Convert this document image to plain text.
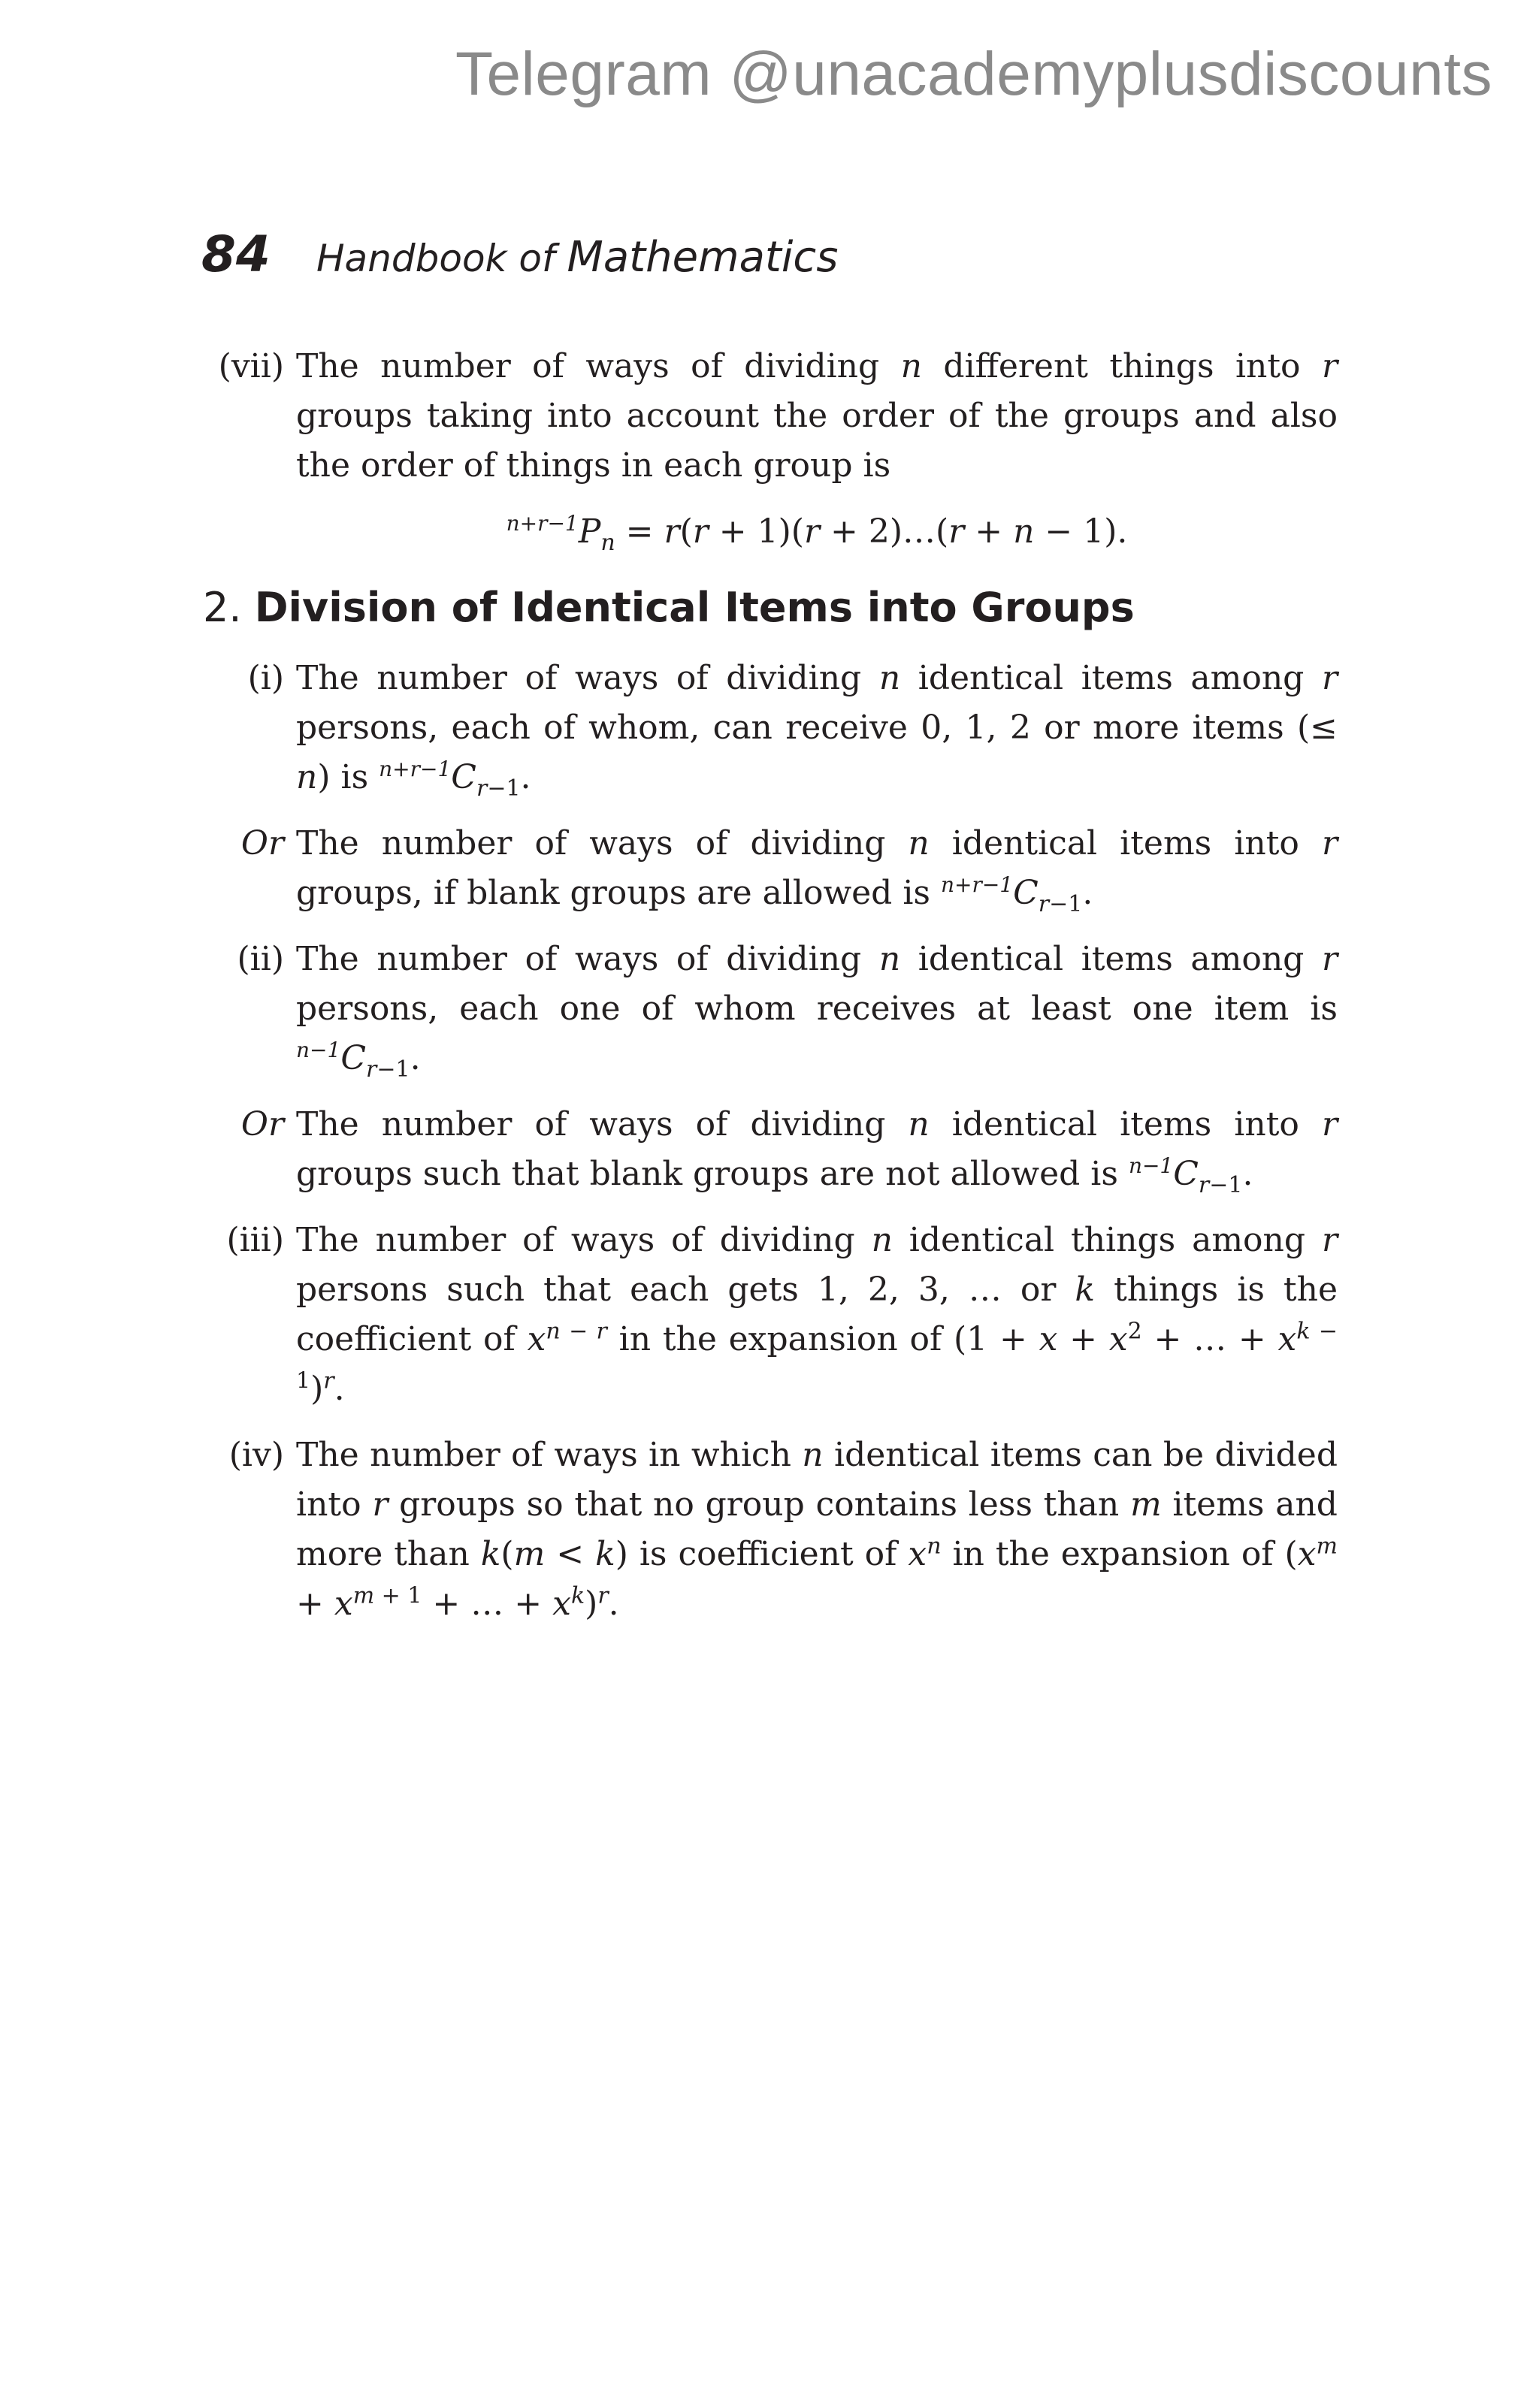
Telegram @unacademyplusdiscounts
84 Handbook of Mathematics
(vii) The number of ways of dividing n different things into r groups taking into account the order of the groups and also the order of things in each group is
$^{n+r-1}P_n = r(r + 1)(r$ + 2)…(r + n − 1).
2. Division of Identical Items into Groups
(i) The number of ways of dividing n identical items among r persons, each of whom, can receive 0, 1, 2 or more items (≤ n) is $^{n+r-1}C_{r-1}$.
Or The number of ways of dividing n identical items into r groups, if blank groups are allowed is $^{n+r-1}C_{r-1}$.
(ii) The number of ways of dividing n identical items among r persons, each one of whom receives at least one item is $^{n-1}C_{r-1}$.
Or The number of ways of dividing n identical items into r groups such that blank groups are not allowed is $^{n-1}C_{r-1}$.
(iii) The number of ways of dividing n identical things among r persons such that each gets 1, 2, 3, … or k things is the coefficient of $x^{n - r}$ in the expansion of ($1 + x + x^2$ + … + $x^{k - 1})^r$.
(iv) The number of ways in which n identical items can be divided into r groups so that no group contains less than m items and more than k(m < k) is coefficient of $x^n$ in the expansion of ($x^m + x^{m + 1}$ + … + $x^k)^r$.
